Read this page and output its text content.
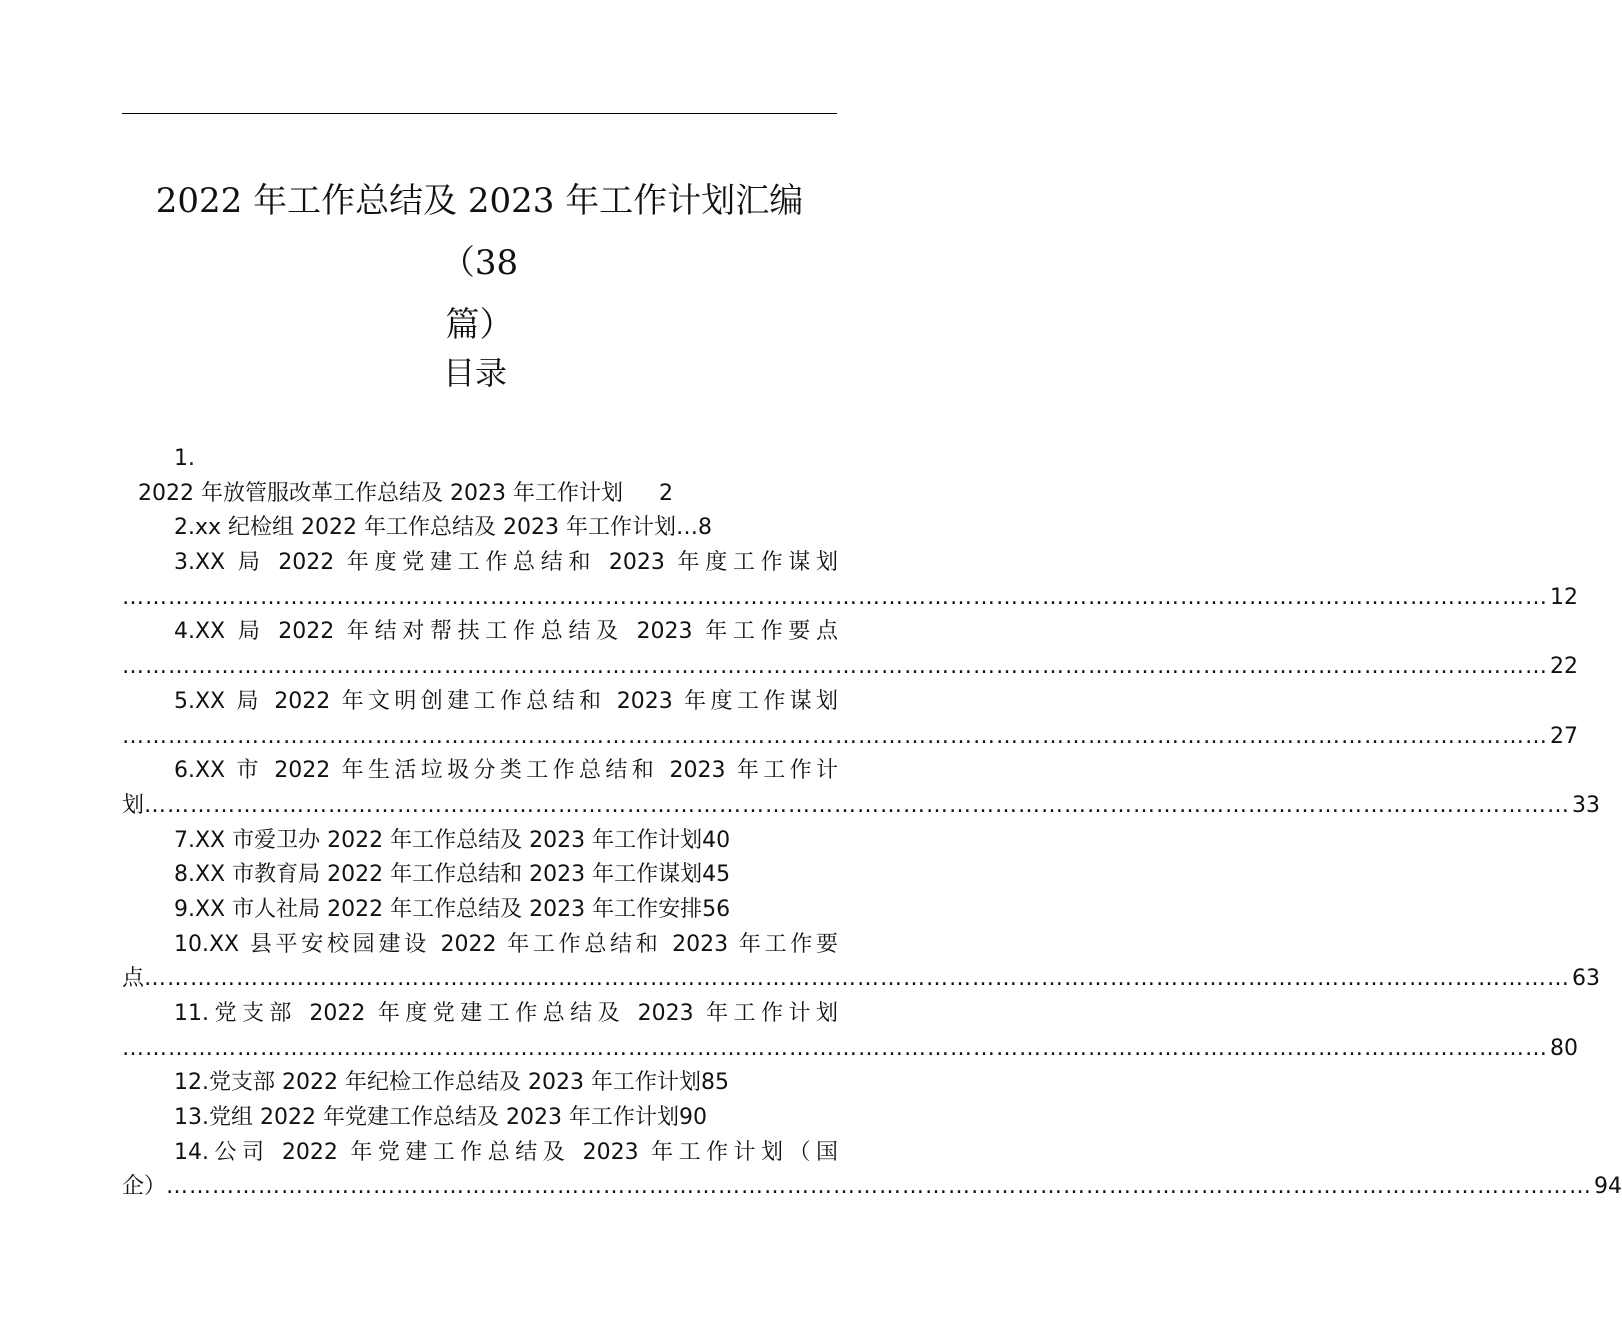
2022 年工作总结及 2023 年工作计划汇编（38
篇）
目录
1.
2022 年放管服改革工作总结及 2023 年工作计划 2
2.xx 纪检组 2022 年工作总结及 2023 年工作计划…8
3.XX 局 2022 年度党建工作总结和 2023 年度工作谋划
…………………………………………………………………………………………………………………………………………………………………… 12
4.XX 局 2022 年结对帮扶工作总结及 2023 年工作要点
…………………………………………………………………………………………………………………………………………………………………… 22
5.XX 局 2022 年文明创建工作总结和 2023 年度工作谋划
…………………………………………………………………………………………………………………………………………………………………… 27
6.XX 市 2022 年生活垃圾分类工作总结和 2023 年工作计
划 …………………………………………………………………………………………………………………………………………………………………… 33
7.XX 市爱卫办 2022 年工作总结及 2023 年工作计划40
8.XX 市教育局 2022 年工作总结和 2023 年工作谋划45
9.XX 市人社局 2022 年工作总结及 2023 年工作安排56
10.XX 县平安校园建设 2022 年工作总结和 2023 年工作要
点 …………………………………………………………………………………………………………………………………………………………………… 63
11.党支部 2022 年度党建工作总结及 2023 年工作计划
…………………………………………………………………………………………………………………………………………………………………… 80
12.党支部 2022 年纪检工作总结及 2023 年工作计划85
13.党组 2022 年党建工作总结及 2023 年工作计划90
14.公司 2022 年党建工作总结及 2023 年工作计划（国
企） …………………………………………………………………………………………………………………………………………………………………… 94
